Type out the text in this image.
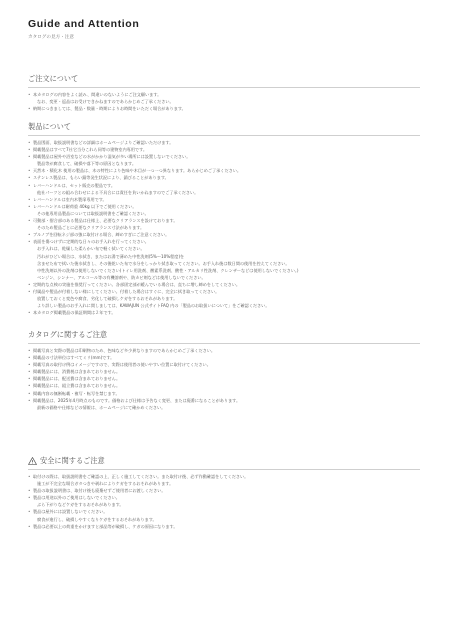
Guide and Attention
カタログの見方・注意
ご注文について
• 本カタログの内容をよく読み、間違いのないようにご注文願います。
なお、変更・返品はお受けできかねますのであらかじめご了承ください。
• 納期につきましては、製品・数量・時期によりお時間をいただく場合があります。
製品について
• 製品図面、取扱説明書などの詳細はホームページよりご確認いただけます。
• 掲載製品はすべて7社它当分これら同等の建物室内専用です。
• 掲載製品は屋外や浴室などの水がかかり湿気が多い場所には設置しないでください。
製品等が腐食して、破損や落下等の原因となります。
• 天然木・積化木 使用の製品は、木の特性により色味や木目が一つ一つ異なります。あらかじめご了承ください。
• ステンレス製品は、もらい錆等発生状況により、錆びることがあります。
• レバーハンドルは、セット販売の製品です。
他社パーツとの組み合わせによる不具合には責任を負いかねますのでご了承ください。
• レバーハンドルは室内木製扉専用です。
• レバーハンドルは耐荷重 40kg 以下でご使用ください。
その他専用品製品については取扱説明書をご確認ください。
• 可動部・摺合部のある製品は仕様上、必要なクリアランスを設けております。
そのため製品ごとに必要なクリアランス寸法があります。
• ブルノブを回転ネジ部の強に取付ける場合、締めすぎにご注意ください。
• 表面を傷つけずに定期的な日々のお手入れを行ってください。
お手入れは、乾燥した柔らかい布で軽く拭いてください。
汚れがひどい場合は、水拭き、またはお湯で薄めた中性洗剤(5%〜10%程度)を
含ませた布で拭いた後水拭きし、その後乾いた布で水分をしっかり拭き取ってください。お手入れ後は数日間の使用を控えてください。
中性洗剤以外の洗剤は使用しないでください(トイレ用洗剤、酸素系洗剤、酸性・アルカリ性洗剤、クレンザーなどは使用しないでください。)
ベンジン、シンナー、アルコール等の有機溶剤や、防カビ剤などは使用しないでください。
• 定期的な点検の実施を推奨行ってください。各部固定部が緩んでいる場合は、直ちに増し締めをしてください。
• 付属品や製品が付着しない様にしてください。付着した場合はすぐに、完全に拭き取ってください。
放置しておくと変色や腐食、劣化して破損しケガをするおそれがあります。
より詳しい製品のお手入れに関しましては、KAWAJUN 公式サイトFAQ 内の「製品のお取扱いについて」をご確認ください。
• 本カタログ掲載製品の保証期間は２年です。
カタログに関するご注意
• 掲載写真と実際の製品は印刷物のため、色味など多少異なりますのであらかじめご了承ください。
• 掲載品の寸法単位はすべてミリ(mm)です。
• 掲載写真の取付け例はイメージですので、実際は使用者の使いやすい位置に取付けてください。
• 掲載製品には、消費税は含まれておりません。
• 掲載製品には、配送費は含まれておりません。
• 掲載製品には、組立費は含まれておりません。
• 掲載内容の無断転載・複写・転写を禁じます。
• 掲載製品は、2025年4月時点のものです。価格および仕様は予告なく変更、または廃番になることがあります。
最新の価格や仕様などの情報は、ホームページにて確かめください。
安全に関するご注意
• 取付けの際は、取扱説明書をご確認の上、正しく施工してください。また取付け後、必ず作動確認をしてください。
施工が不完全な場合ガタつきや剥れによりケガをするおそれがあります。
• 製品の取扱説明書は、取付け後も廃棄せずご使用者にお渡しください。
• 製品は用途以外のご使用はしないでください。
ぶら下がりなどケガをするおそれがあります。
• 製品は屋外には設置しないでください。
腐食が進行し、破損しやすくなりケガをするおそれがあります。
• 製品は必要以上の荷重をかけますと部品等が破損し、ケガの原因になります。
